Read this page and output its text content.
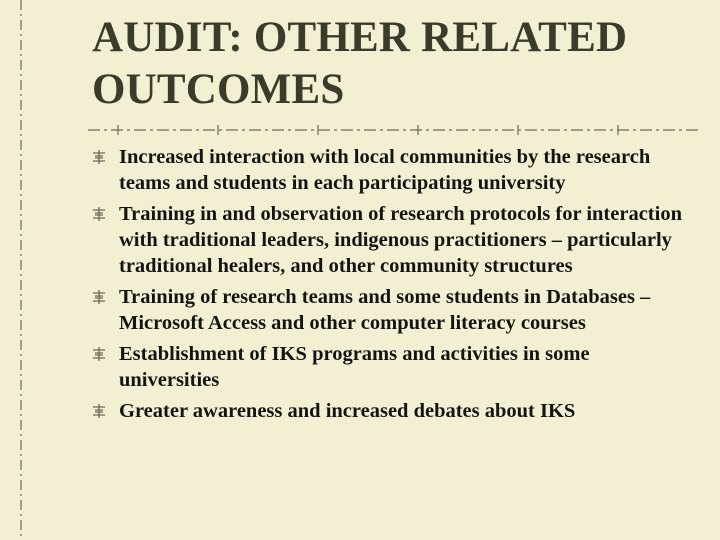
AUDIT: OTHER RELATED
OUTCOMES
Increased interaction with local communities by the research teams and students in each participating university
Training in and observation of research protocols for interaction with traditional leaders, indigenous practitioners – particularly traditional healers, and other community structures
Training of research teams and some students in Databases – Microsoft Access and other computer literacy courses
Establishment of IKS programs and activities in some universities
Greater awareness and increased debates about IKS
